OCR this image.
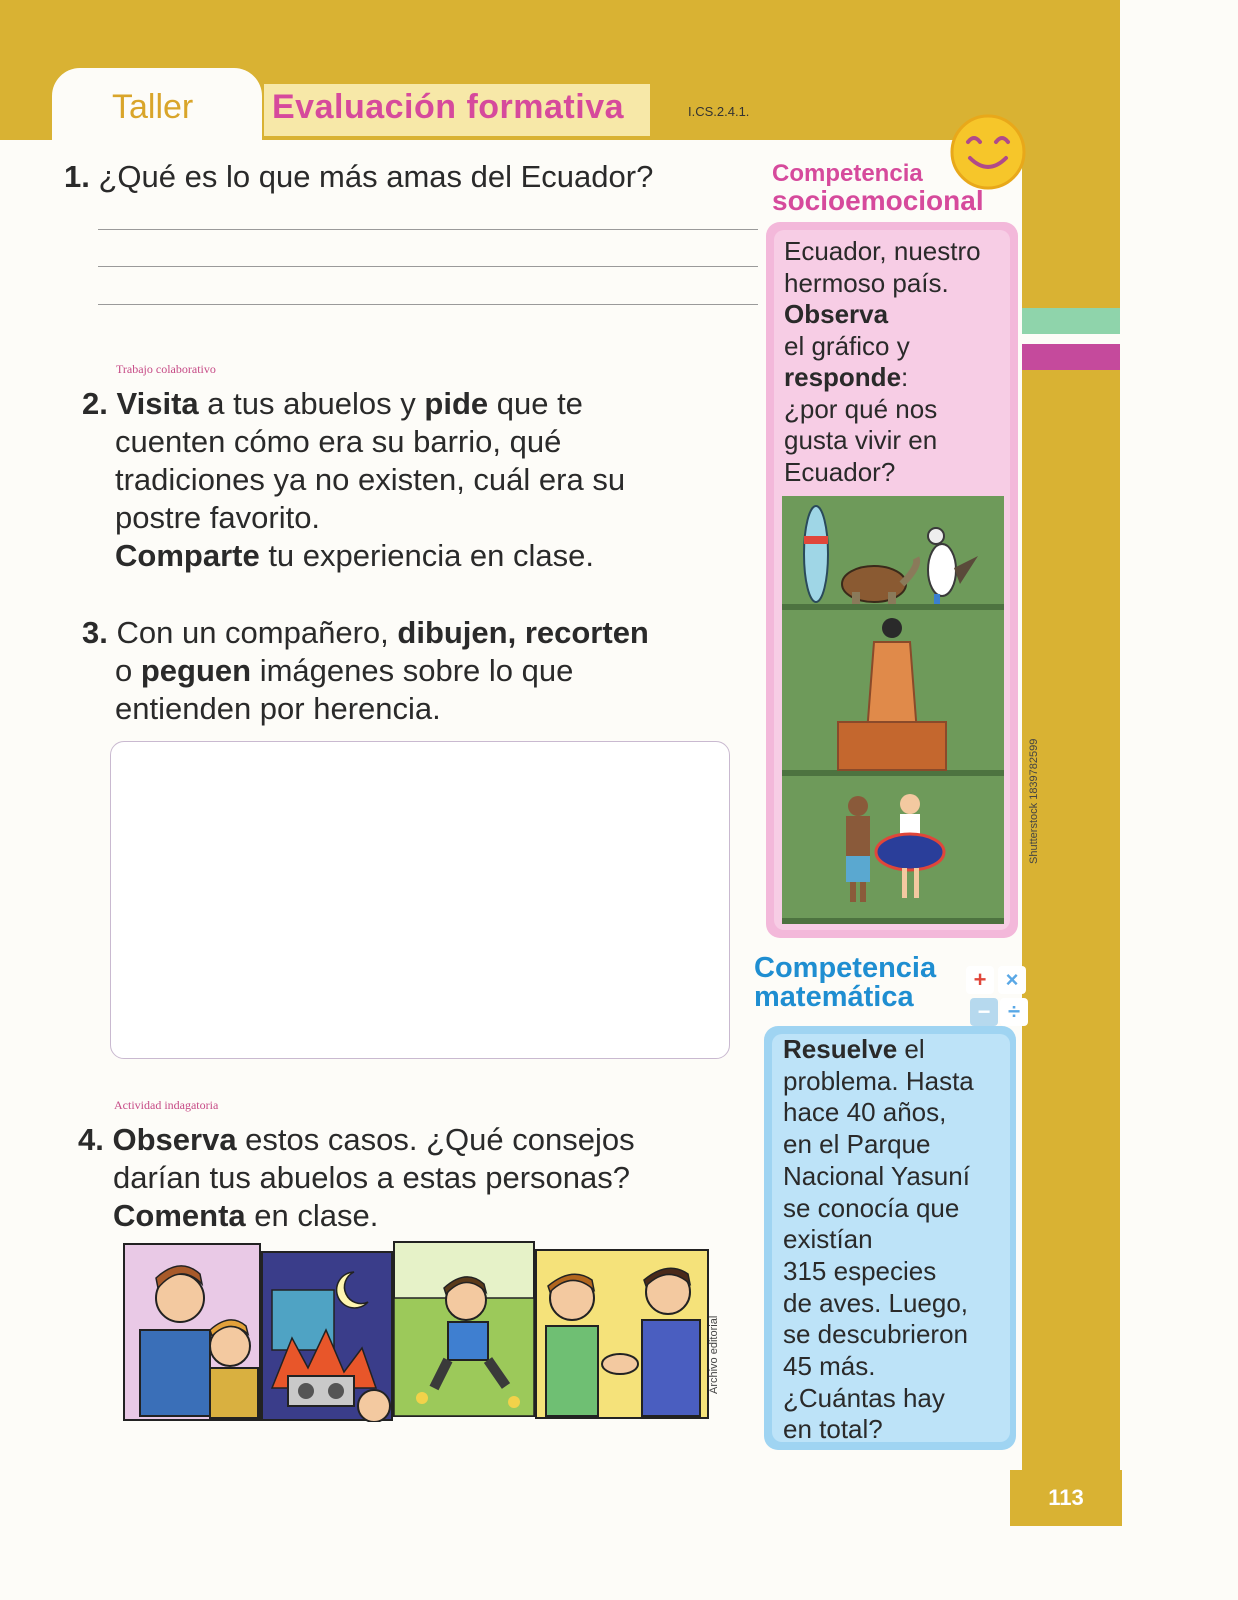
Taller Evaluación formativa	I.CS.2.4.1.
1. ¿Qué es lo que más amas del Ecuador?
Trabajo colaborativo
2. Visita a tus abuelos y pide que te
cuenten cómo era su barrio, qué
tradiciones ya no existen, cuál era su
postre favorito.
Comparte tu experiencia en clase.
3. Con un compañero, dibujen, recorten
o peguen imágenes sobre lo que
entienden por herencia.
Actividad indagatoria
4. Observa estos casos. ¿Qué consejos
darían tus abuelos a estas personas?
Comenta en clase.
Archivo editorial
Competencia
socioemocional
Ecuador, nuestro
hermoso país.
Observa
el gráfico y
responde:
¿por qué nos
gusta vivir en
Ecuador?
Shutterstock 1839782599
Competencia
matemática
+ ×
− ÷
Resuelve el
problema. Hasta
hace 40 años,
en el Parque
Nacional Yasuní
se conocía que
existían
315 especies
de aves. Luego,
se descubrieron
45 más.
¿Cuántas hay
en total?
113
